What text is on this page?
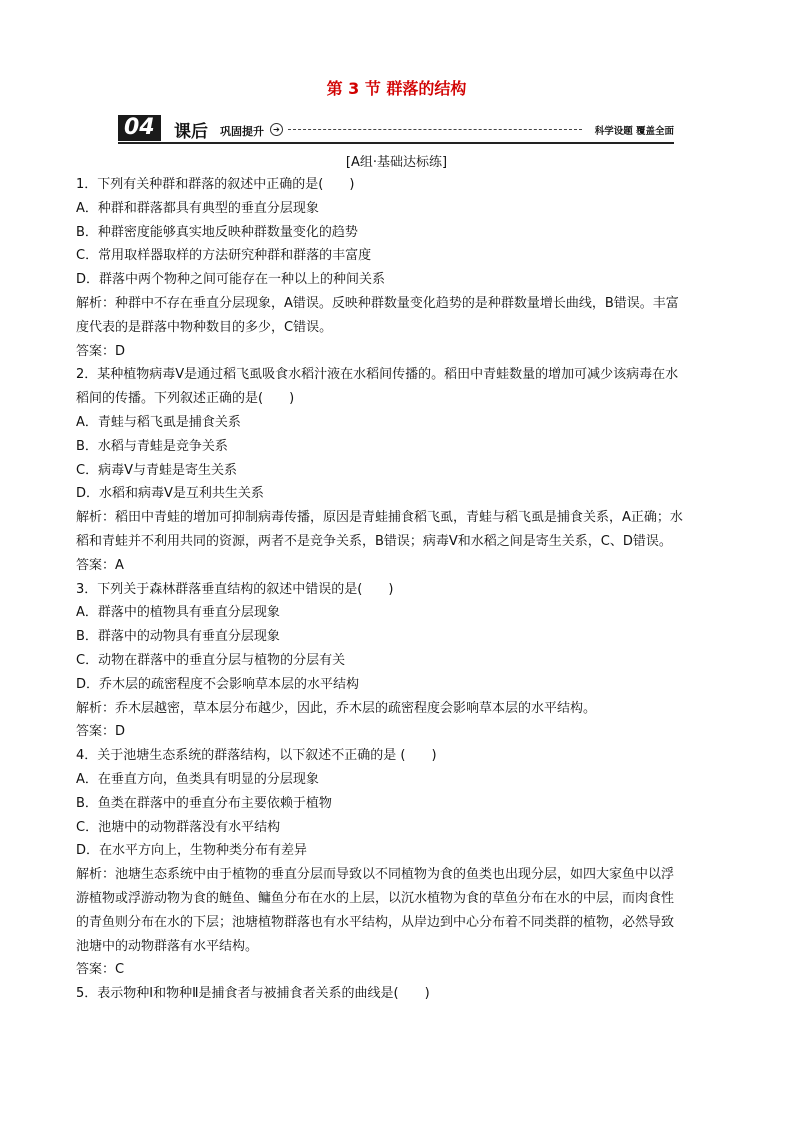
第 3 节 群落的结构
04	课后 巩固提升	➔	科学设题 覆盖全面
[A组·基础达标练]

1．下列有关种群和群落的叙述中正确的是(　　)

A．种群和群落都具有典型的垂直分层现象

B．种群密度能够真实地反映种群数量变化的趋势

C．常用取样器取样的方法研究种群和群落的丰富度

D．群落中两个物种之间可能存在一种以上的种间关系

解析：种群中不存在垂直分层现象，A错误。反映种群数量变化趋势的是种群数量增长曲线，B错误。丰富

度代表的是群落中物种数目的多少，C错误。

答案：D

2．某种植物病毒Ⅴ是通过稻飞虱吸食水稻汁液在水稻间传播的。稻田中青蛙数量的增加可减少该病毒在水

稻间的传播。下列叙述正确的是(　　)

A．青蛙与稻飞虱是捕食关系

B．水稻与青蛙是竞争关系

C．病毒Ⅴ与青蛙是寄生关系

D．水稻和病毒Ⅴ是互利共生关系

解析：稻田中青蛙的增加可抑制病毒传播，原因是青蛙捕食稻飞虱，青蛙与稻飞虱是捕食关系，A正确；水

稻和青蛙并不利用共同的资源，两者不是竞争关系，B错误；病毒Ⅴ和水稻之间是寄生关系，C、D错误。

答案：A

3．下列关于森林群落垂直结构的叙述中错误的是(　　)

A．群落中的植物具有垂直分层现象

B．群落中的动物具有垂直分层现象

C．动物在群落中的垂直分层与植物的分层有关

D．乔木层的疏密程度不会影响草本层的水平结构

解析：乔木层越密，草本层分布越少，因此，乔木层的疏密程度会影响草本层的水平结构。

答案：D

4．关于池塘生态系统的群落结构，以下叙述不正确的是 (　　)

A．在垂直方向，鱼类具有明显的分层现象

B．鱼类在群落中的垂直分布主要依赖于植物

C．池塘中的动物群落没有水平结构

D．在水平方向上，生物种类分布有差异

解析：池塘生态系统中由于植物的垂直分层而导致以不同植物为食的鱼类也出现分层，如四大家鱼中以浮

游植物或浮游动物为食的鲢鱼、鳙鱼分布在水的上层，以沉水植物为食的草鱼分布在水的中层，而肉食性

的青鱼则分布在水的下层；池塘植物群落也有水平结构，从岸边到中心分布着不同类群的植物，必然导致

池塘中的动物群落有水平结构。

答案：C

5．表示物种Ⅰ和物种Ⅱ是捕食者与被捕食者关系的曲线是(　　)
